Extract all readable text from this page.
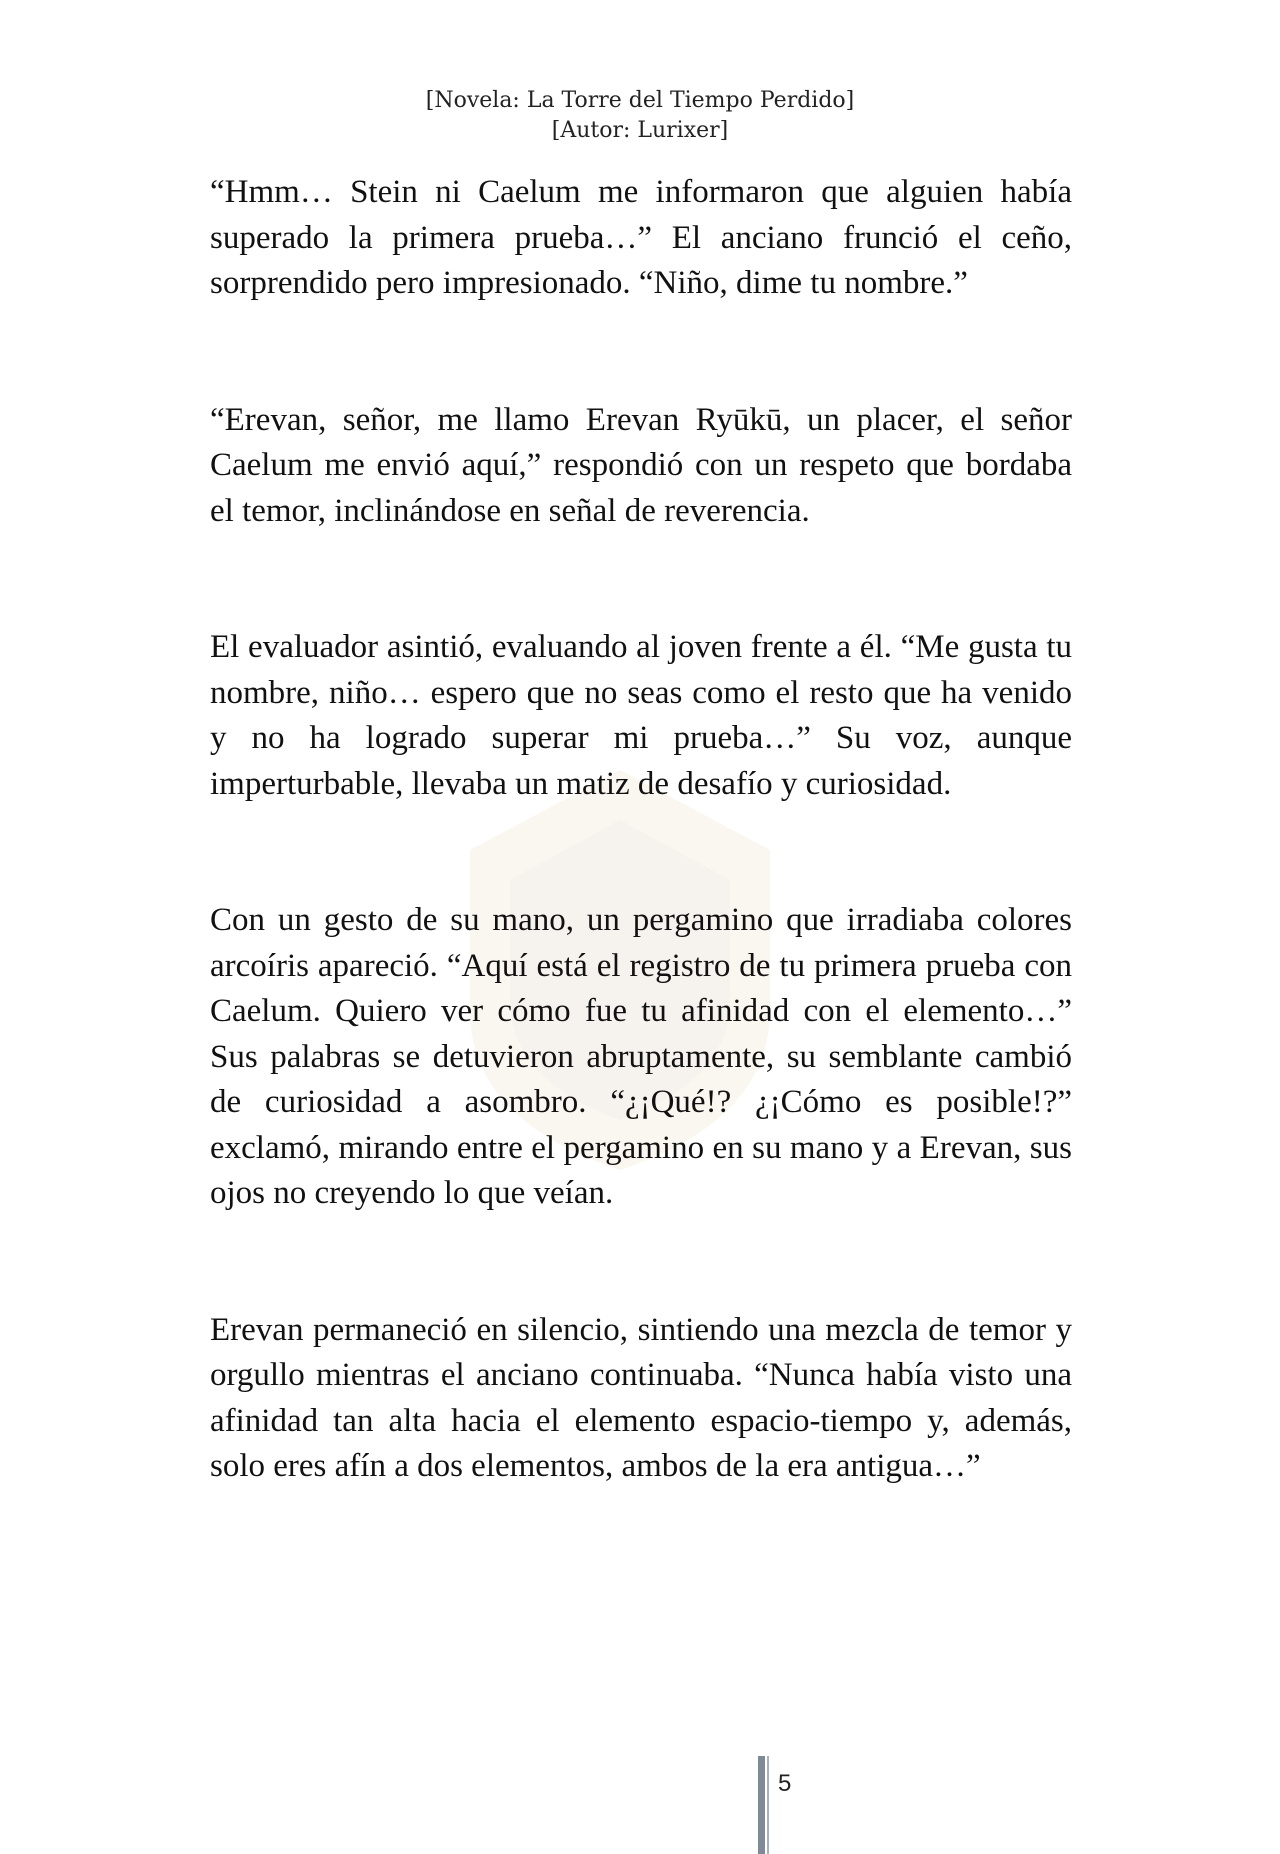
[Novela: La Torre del Tiempo Perdido]
[Autor: Lurixer]

“Hmm… Stein ni Caelum me informaron que alguien había superado la primera prueba…” El anciano frunció el ceño, sorprendido pero impresionado. “Niño, dime tu nombre.”

“Erevan, señor, me llamo Erevan Ryūkū, un placer, el señor Caelum me envió aquí,” respondió con un respeto que bordaba el temor, inclinándose en señal de reverencia.

El evaluador asintió, evaluando al joven frente a él. “Me gusta tu nombre, niño… espero que no seas como el resto que ha venido y no ha logrado superar mi prueba…” Su voz, aunque imperturbable, llevaba un matiz de desafío y curiosidad.

Con un gesto de su mano, un pergamino que irradiaba colores arcoíris apareció. “Aquí está el registro de tu primera prueba con Caelum. Quiero ver cómo fue tu afinidad con el elemento…” Sus palabras se detuvieron abruptamente, su semblante cambió de curiosidad a asombro. “¿¡Qué!? ¿¡Cómo es posible!?” exclamó, mirando entre el pergamino en su mano y a Erevan, sus ojos no creyendo lo que veían.

Erevan permaneció en silencio, sintiendo una mezcla de temor y orgullo mientras el anciano continuaba. “Nunca había visto una afinidad tan alta hacia el elemento espacio-tiempo y, además, solo eres afín a dos elementos, ambos de la era antigua…”

5
